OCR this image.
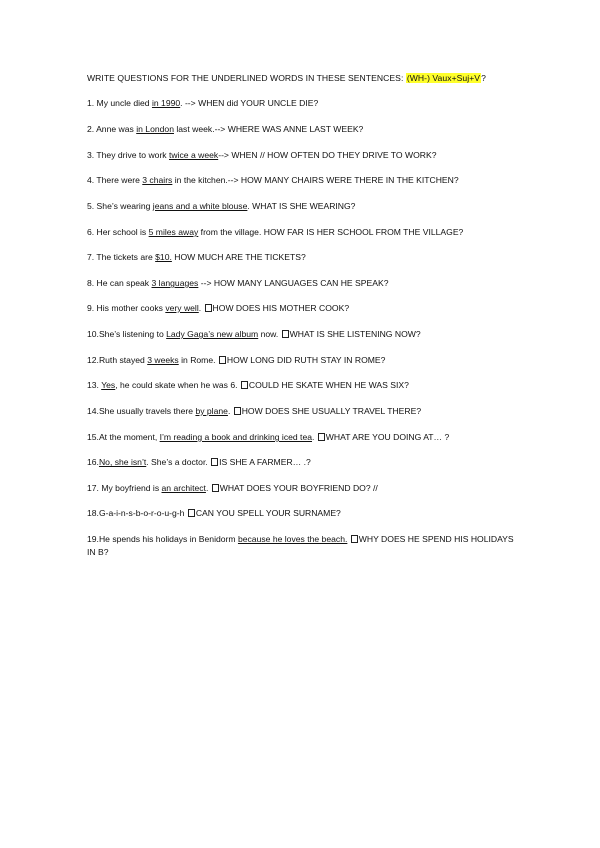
WRITE QUESTIONS FOR THE UNDERLINED WORDS IN THESE SENTENCES: (WH-) Vaux+Suj+V?
1. My uncle died in 1990. --> WHEN did YOUR UNCLE DIE?
2. Anne was in London last week.--> WHERE WAS ANNE LAST WEEK?
3. They drive to work twice a week--> WHEN // HOW OFTEN DO THEY DRIVE TO WORK?
4. There were 3 chairs in the kitchen.--> HOW MANY CHAIRS WERE THERE IN THE KITCHEN?
5. She’s wearing jeans and a white blouse. WHAT IS SHE WEARING?
6. Her school is 5 miles away from the village. HOW FAR IS HER SCHOOL FROM THE VILLAGE?
7. The tickets are $10. HOW MUCH ARE THE TICKETS?
8. He can speak 3 languages --> HOW MANY LANGUAGES CAN HE SPEAK?
9. His mother cooks very well. HOW DOES HIS MOTHER COOK?
10.She’s listening to Lady Gaga’s new album now. WHAT IS SHE LISTENING NOW?
12.Ruth stayed 3 weeks in Rome. HOW LONG DID RUTH STAY IN ROME?
13. Yes, he could skate when he was 6. COULD HE SKATE WHEN HE WAS SIX?
14.She usually travels there by plane. HOW DOES SHE USUALLY TRAVEL THERE?
15.At the moment, I’m reading a book and drinking iced tea. WHAT ARE YOU DOING AT… ?
16.No, she isn’t. She’s a doctor. IS SHE A FARMER… .?
17. My boyfriend is an architect. WHAT DOES YOUR BOYFRIEND DO? //
18.G-a-i-n-s-b-o-r-o-u-g-h CAN YOU SPELL YOUR SURNAME?
19.He spends his holidays in Benidorm because he loves the beach. WHY DOES HE SPEND HIS HOLIDAYS IN B?
